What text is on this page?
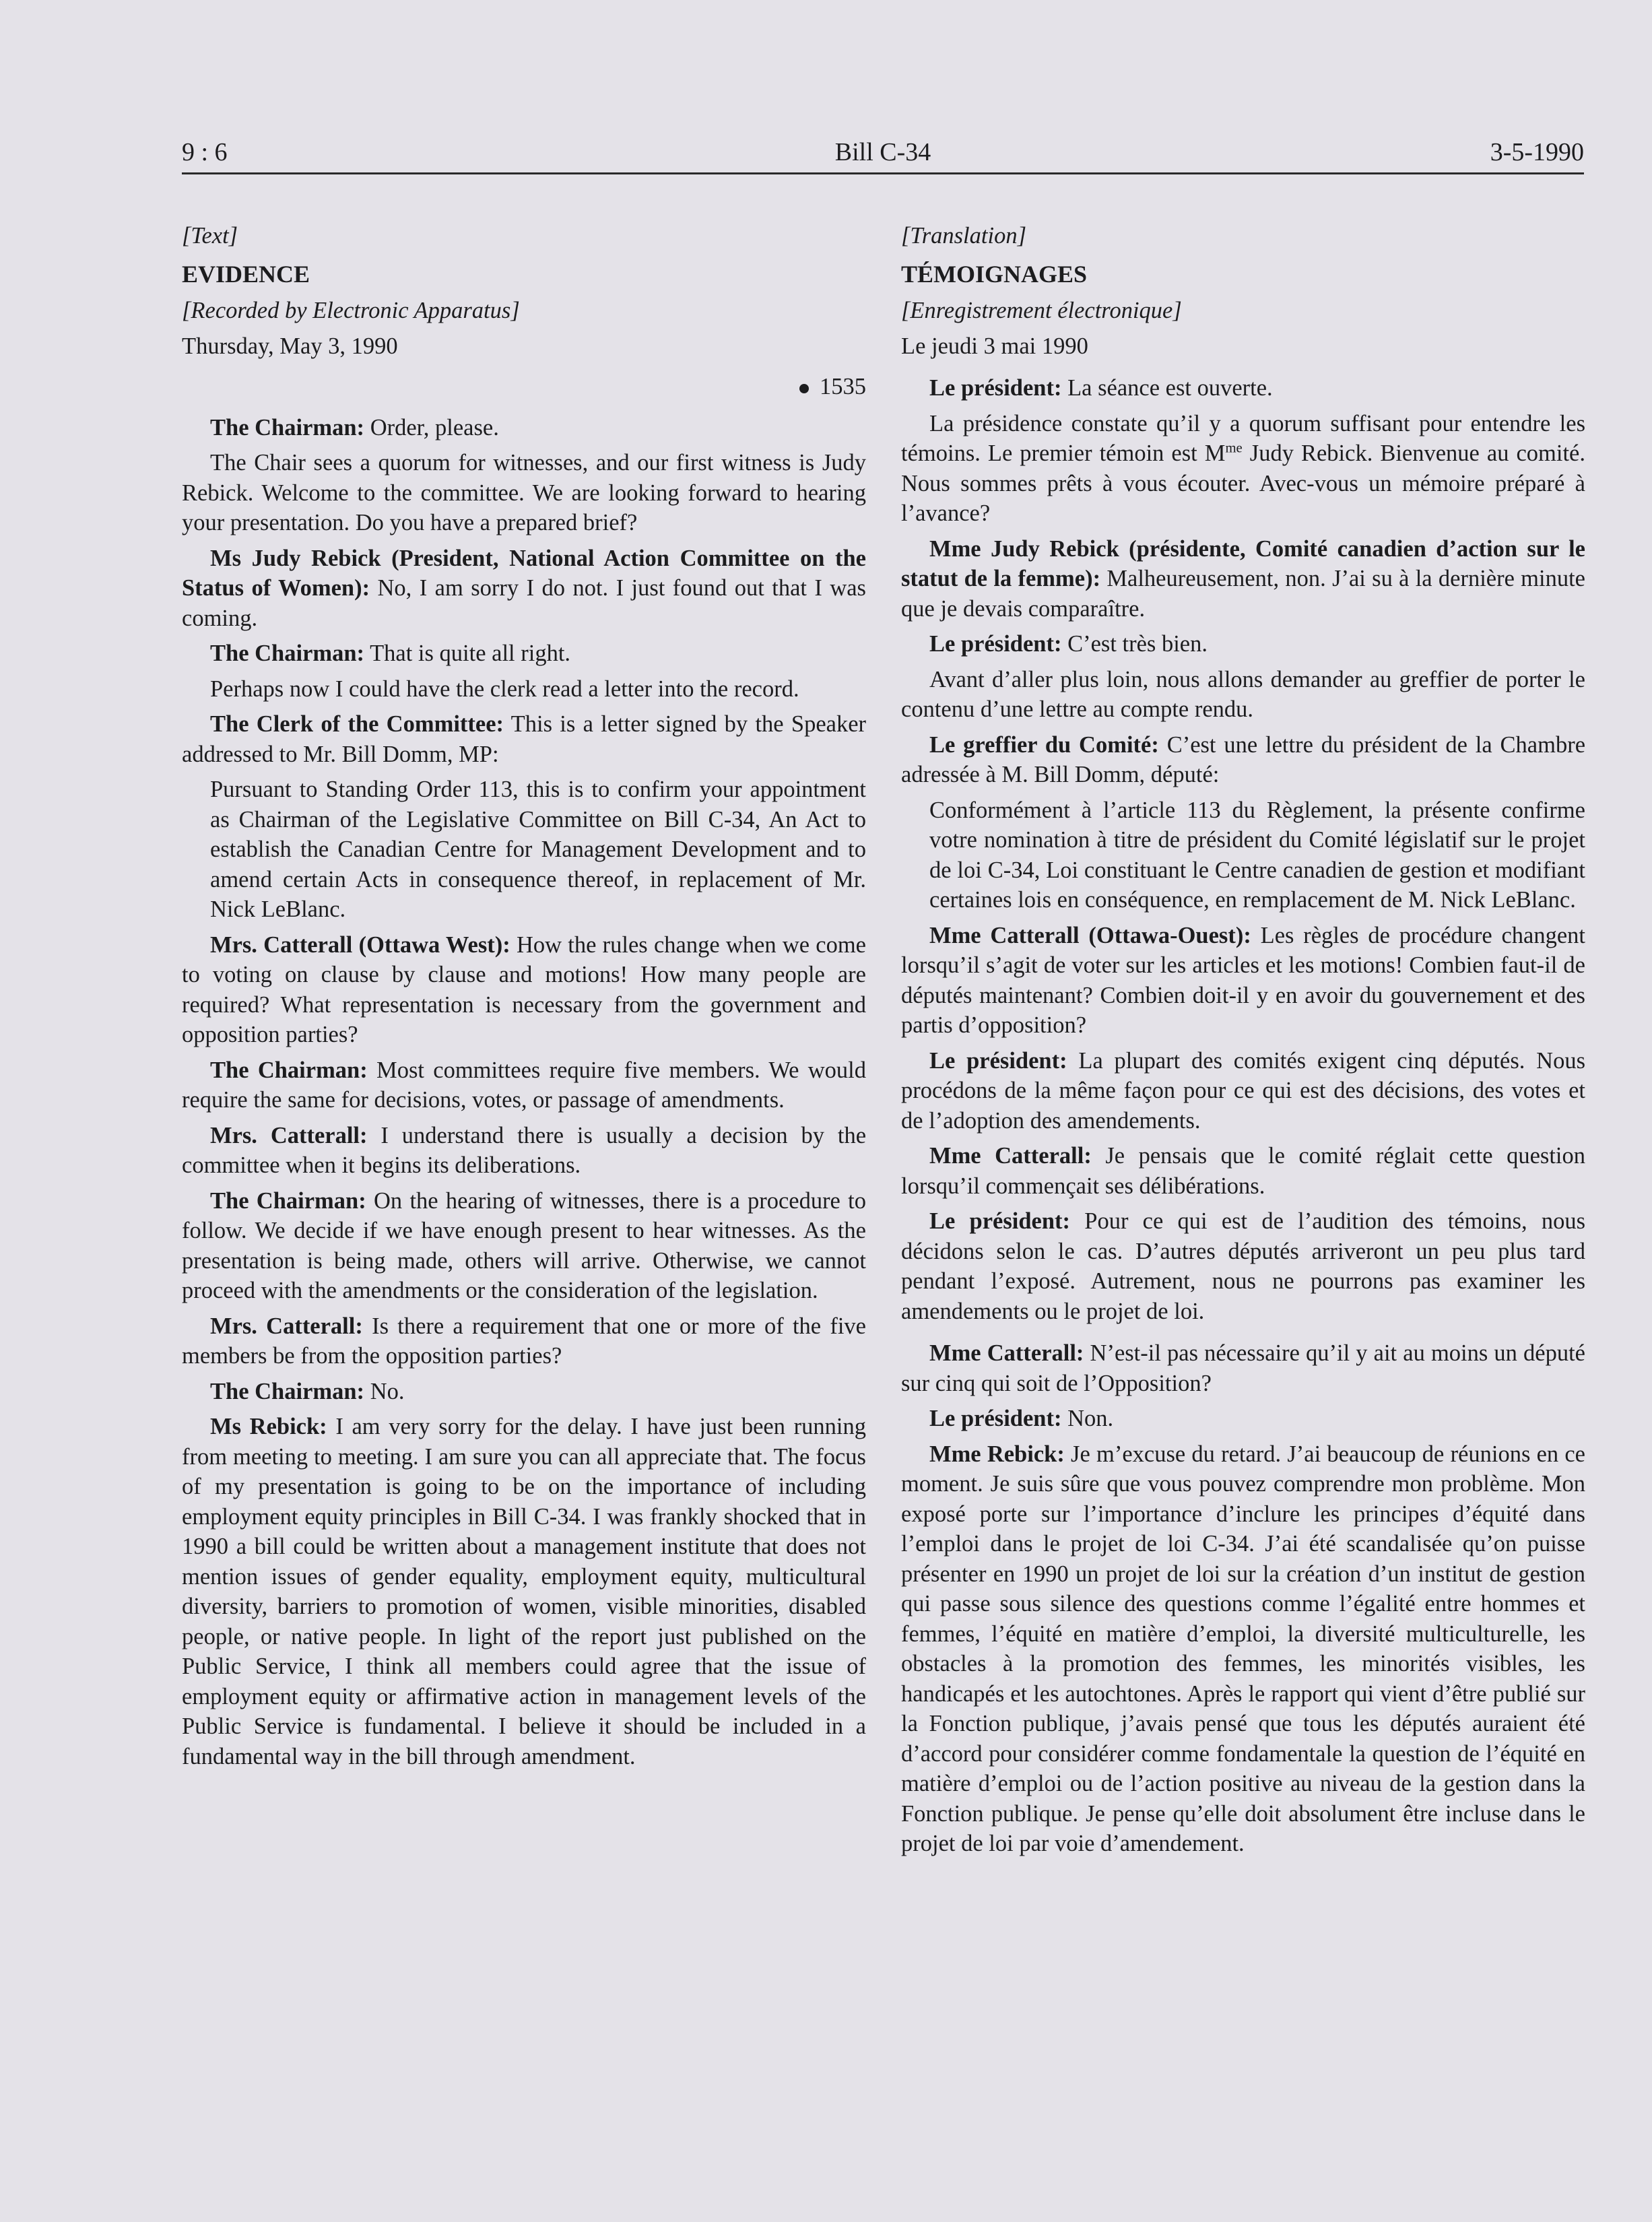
9 : 6	Bill C-34	3-5-1990

[Text]

EVIDENCE

[Recorded by Electronic Apparatus]

Thursday, May 3, 1990

1535

The Chairman: Order, please.

The Chair sees a quorum for witnesses, and our first witness is Judy Rebick. Welcome to the committee. We are looking forward to hearing your presentation. Do you have a prepared brief?

Ms Judy Rebick (President, National Action Committee on the Status of Women): No, I am sorry I do not. I just found out that I was coming.

The Chairman: That is quite all right.

Perhaps now I could have the clerk read a letter into the record.

The Clerk of the Committee: This is a letter signed by the Speaker addressed to Mr. Bill Domm, MP:

Pursuant to Standing Order 113, this is to confirm your appointment as Chairman of the Legislative Committee on Bill C-34, An Act to establish the Canadian Centre for Management Development and to amend certain Acts in consequence thereof, in replacement of Mr. Nick LeBlanc.

Mrs. Catterall (Ottawa West): How the rules change when we come to voting on clause by clause and motions! How many people are required? What representation is necessary from the government and opposition parties?

The Chairman: Most committees require five members. We would require the same for decisions, votes, or passage of amendments.

Mrs. Catterall: I understand there is usually a decision by the committee when it begins its deliberations.

The Chairman: On the hearing of witnesses, there is a procedure to follow. We decide if we have enough present to hear witnesses. As the presentation is being made, others will arrive. Otherwise, we cannot proceed with the amendments or the consideration of the legislation.

Mrs. Catterall: Is there a requirement that one or more of the five members be from the opposition parties?

The Chairman: No.

Ms Rebick: I am very sorry for the delay. I have just been running from meeting to meeting. I am sure you can all appreciate that. The focus of my presentation is going to be on the importance of including employment equity principles in Bill C-34. I was frankly shocked that in 1990 a bill could be written about a management institute that does not mention issues of gender equality, employment equity, multicultural diversity, barriers to promotion of women, visible minorities, disabled people, or native people. In light of the report just published on the Public Service, I think all members could agree that the issue of employment equity or affirmative action in management levels of the Public Service is fundamental. I believe it should be included in a fundamental way in the bill through amendment.

[Translation]

TÉMOIGNAGES

[Enregistrement électronique]

Le jeudi 3 mai 1990

Le président: La séance est ouverte.

La présidence constate qu’il y a quorum suffisant pour entendre les témoins. Le premier témoin est $M^{me}$ Judy Rebick. Bienvenue au comité. Nous sommes prêts à vous écouter. Avec-vous un mémoire préparé à l’avance?

Mme Judy Rebick (présidente, Comité canadien d’action sur le statut de la femme): Malheureusement, non. J’ai su à la dernière minute que je devais comparaître.

Le président: C’est très bien.

Avant d’aller plus loin, nous allons demander au greffier de porter le contenu d’une lettre au compte rendu.

Le greffier du Comité: C’est une lettre du président de la Chambre adressée à M. Bill Domm, député:

Conformément à l’article 113 du Règlement, la présente confirme votre nomination à titre de président du Comité législatif sur le projet de loi C-34, Loi constituant le Centre canadien de gestion et modifiant certaines lois en conséquence, en remplacement de M. Nick LeBlanc.

Mme Catterall (Ottawa-Ouest): Les règles de procédure changent lorsqu’il s’agit de voter sur les articles et les motions! Combien faut-il de députés maintenant? Combien doit-il y en avoir du gouvernement et des partis d’opposition?

Le président: La plupart des comités exigent cinq députés. Nous procédons de la même façon pour ce qui est des décisions, des votes et de l’adoption des amendements.

Mme Catterall: Je pensais que le comité réglait cette question lorsqu’il commençait ses délibérations.

Le président: Pour ce qui est de l’audition des témoins, nous décidons selon le cas. D’autres députés arriveront un peu plus tard pendant l’exposé. Autrement, nous ne pourrons pas examiner les amendements ou le projet de loi.

Mme Catterall: N’est-il pas nécessaire qu’il y ait au moins un député sur cinq qui soit de l’Opposition?

Le président: Non.

Mme Rebick: Je m’excuse du retard. J’ai beaucoup de réunions en ce moment. Je suis sûre que vous pouvez comprendre mon problème. Mon exposé porte sur l’importance d’inclure les principes d’équité dans l’emploi dans le projet de loi C-34. J’ai été scandalisée qu’on puisse présenter en 1990 un projet de loi sur la création d’un institut de gestion qui passe sous silence des questions comme l’égalité entre hommes et femmes, l’équité en matière d’emploi, la diversité multiculturelle, les obstacles à la promotion des femmes, les minorités visibles, les handicapés et les autochtones. Après le rapport qui vient d’être publié sur la Fonction publique, j’avais pensé que tous les députés auraient été d’accord pour considérer comme fondamentale la question de l’équité en matière d’emploi ou de l’action positive au niveau de la gestion dans la Fonction publique. Je pense qu’elle doit absolument être incluse dans le projet de loi par voie d’amendement.
